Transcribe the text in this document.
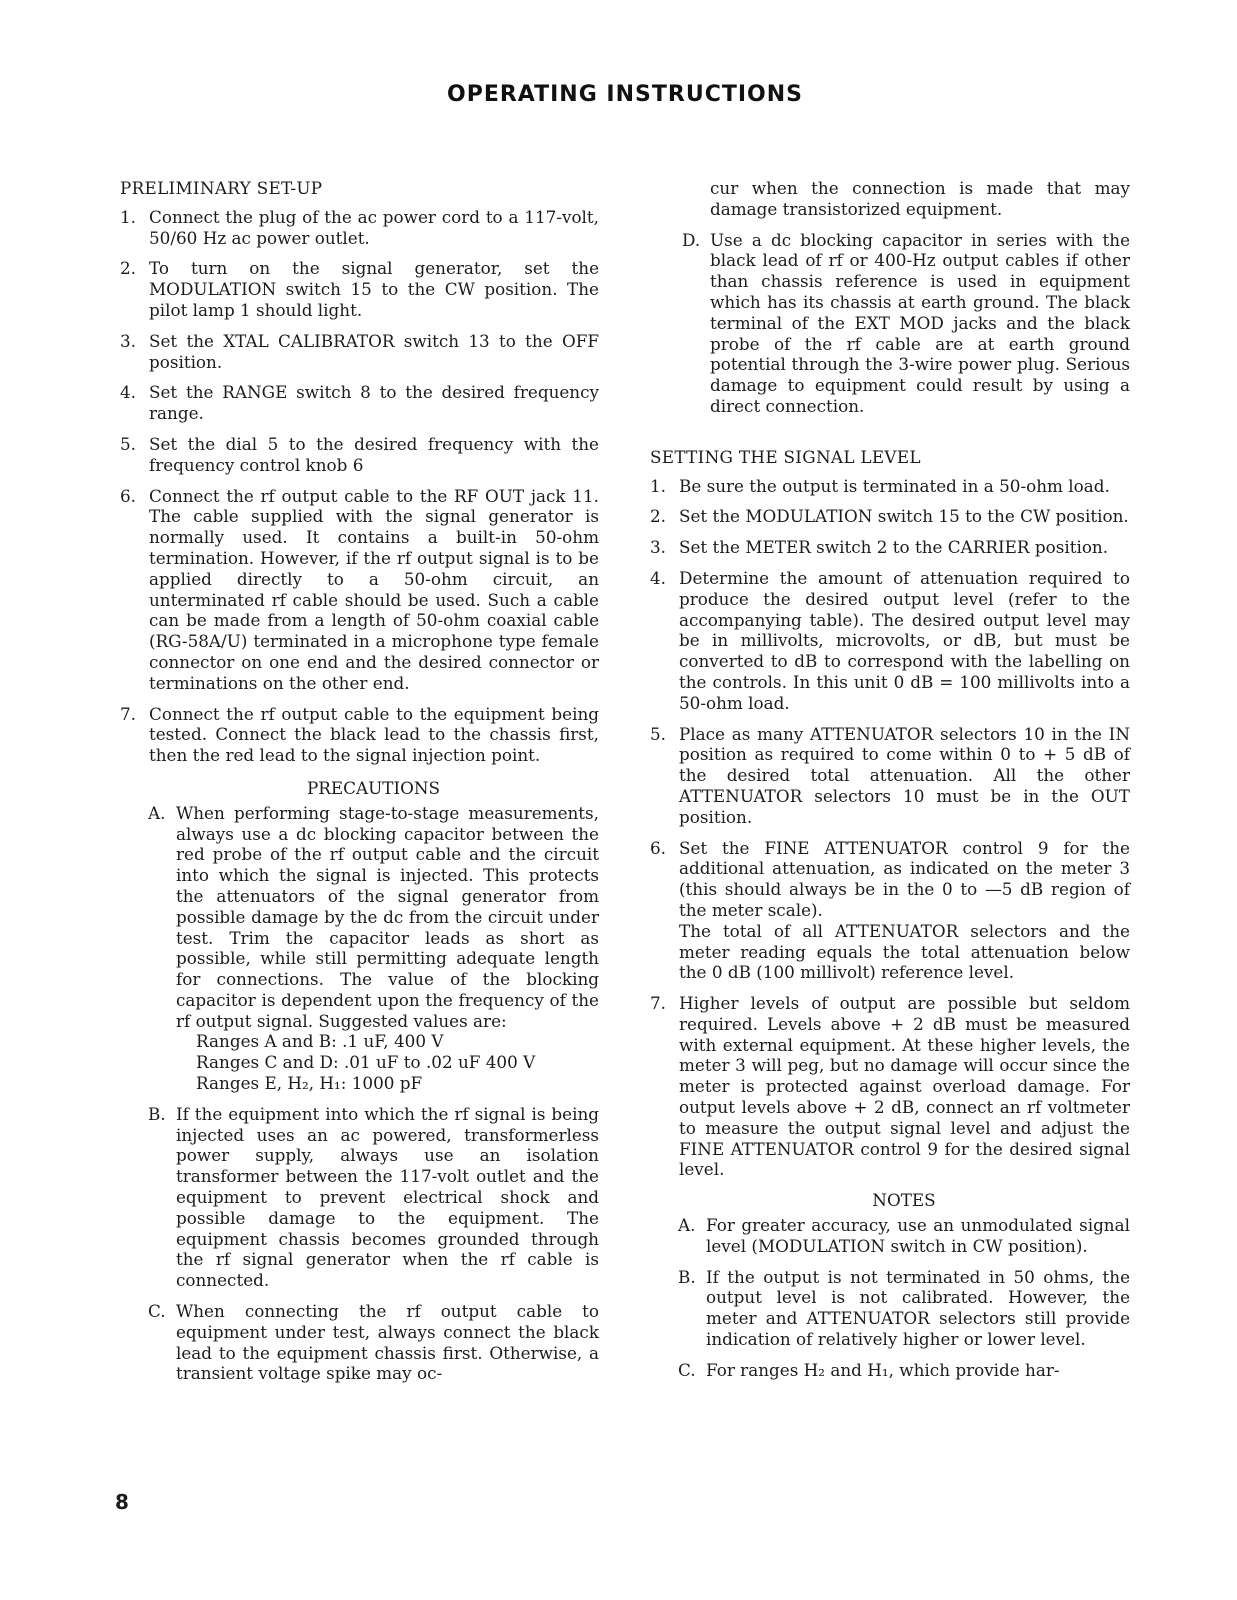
OPERATING INSTRUCTIONS
PRELIMINARY SET-UP
1. Connect the plug of the ac power cord to a 117-volt, 50/60 Hz ac power outlet.
2. To turn on the signal generator, set the MODULATION switch 15 to the CW position. The pilot lamp 1 should light.
3. Set the XTAL CALIBRATOR switch 13 to the OFF position.
4. Set the RANGE switch 8 to the desired frequency range.
5. Set the dial 5 to the desired frequency with the frequency control knob 6
6. Connect the rf output cable to the RF OUT jack 11. The cable supplied with the signal generator is normally used. It contains a built-in 50-ohm termination. However, if the rf output signal is to be applied directly to a 50-ohm circuit, an unterminated rf cable should be used. Such a cable can be made from a length of 50-ohm coaxial cable (RG-58A/U) terminated in a microphone type female connector on one end and the desired connector or terminations on the other end.
7. Connect the rf output cable to the equipment being tested. Connect the black lead to the chassis first, then the red lead to the signal injection point.
PRECAUTIONS
A. When performing stage-to-stage measurements, always use a dc blocking capacitor between the red probe of the rf output cable and the circuit into which the signal is injected. This protects the attenuators of the signal generator from possible damage by the dc from the circuit under test. Trim the capacitor leads as short as possible, while still permitting adequate length for connections. The value of the blocking capacitor is dependent upon the frequency of the rf output signal. Suggested values are:
Ranges A and B: .1 uF, 400 V
Ranges C and D: .01 uF to .02 uF 400 V
Ranges E, H₂, H₁: 1000 pF
B. If the equipment into which the rf signal is being injected uses an ac powered, transformerless power supply, always use an isolation transformer between the 117-volt outlet and the equipment to prevent electrical shock and possible damage to the equipment. The equipment chassis becomes grounded through the rf signal generator when the rf cable is connected.
C. When connecting the rf output cable to equipment under test, always connect the black lead to the equipment chassis first. Otherwise, a transient voltage spike may oc-
cur when the connection is made that may damage transistorized equipment.
D. Use a dc blocking capacitor in series with the black lead of rf or 400-Hz output cables if other than chassis reference is used in equipment which has its chassis at earth ground. The black terminal of the EXT MOD jacks and the black probe of the rf cable are at earth ground potential through the 3-wire power plug. Serious damage to equipment could result by using a direct connection.
SETTING THE SIGNAL LEVEL
1. Be sure the output is terminated in a 50-ohm load.
2. Set the MODULATION switch 15 to the CW position.
3. Set the METER switch 2 to the CARRIER position.
4. Determine the amount of attenuation required to produce the desired output level (refer to the accompanying table). The desired output level may be in millivolts, microvolts, or dB, but must be converted to dB to correspond with the labelling on the controls. In this unit 0 dB = 100 millivolts into a 50-ohm load.
5. Place as many ATTENUATOR selectors 10 in the IN position as required to come within 0 to + 5 dB of the desired total attenuation. All the other ATTENUATOR selectors 10 must be in the OUT position.
6. Set the FINE ATTENUATOR control 9 for the additional attenuation, as indicated on the meter 3 (this should always be in the 0 to —5 dB region of the meter scale).
The total of all ATTENUATOR selectors and the meter reading equals the total attenuation below the 0 dB (100 millivolt) reference level.
7. Higher levels of output are possible but seldom required. Levels above + 2 dB must be measured with external equipment. At these higher levels, the meter 3 will peg, but no damage will occur since the meter is protected against overload damage. For output levels above + 2 dB, connect an rf voltmeter to measure the output signal level and adjust the FINE ATTENUATOR control 9 for the desired signal level.
NOTES
A. For greater accuracy, use an unmodulated signal level (MODULATION switch in CW position).
B. If the output is not terminated in 50 ohms, the output level is not calibrated. However, the meter and ATTENUATOR selectors still provide indication of relatively higher or lower level.
C. For ranges H₂ and H₁, which provide har-
8
